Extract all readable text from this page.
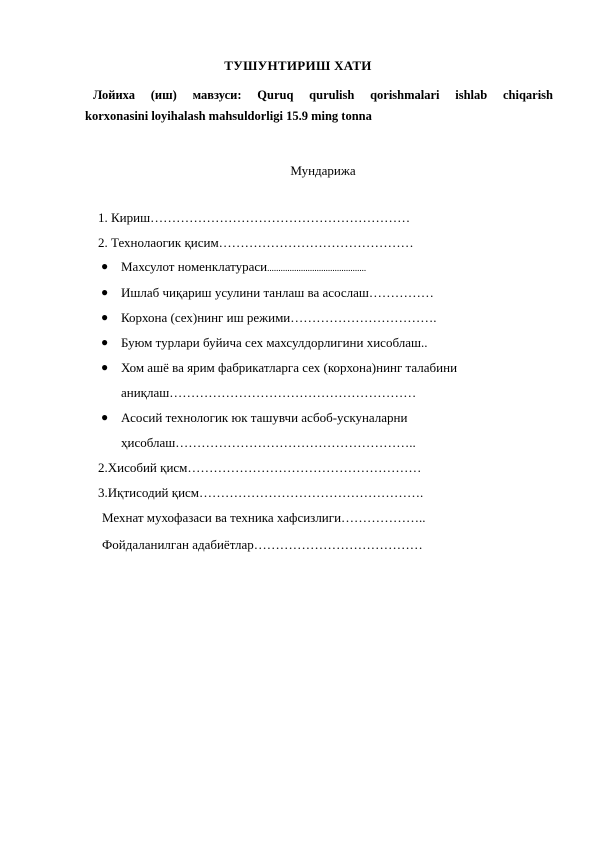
ТУШУНТИРИШ ХАТИ
Лойиха (иш) мавзуси: Quruq qurulish qorishmalari ishlab chiqarish
korxonasini loyihalash mahsuldorligi 15.9 ming tonna
Мундарижа
1. Кириш……………………………………………………
2. Технолаогик қисим………………………………………
● Махсулот номенклатураси............................................
● Ишлаб чиқариш усулини танлаш ва асослаш……………
● Корхона (сех)нинг иш режими…………………………….
● Буюм турлари буйича сех махсулдорлигини хисоблаш..
● Хом ашё ва ярим фабрикатларга сех (корхона)нинг талабини
аниқлаш…………………………………………………
● Асосий технологик юк ташувчи асбоб-ускуналарни
ҳисоблаш………………………………………………..
2.Хисобий қисм………………………………………………
3.Иқтисодий қисм…………………………………………….
Мехнат мухофазаси ва техника хафсизлиги………………..
Фойдаланилган адабиётлар…………………………………
